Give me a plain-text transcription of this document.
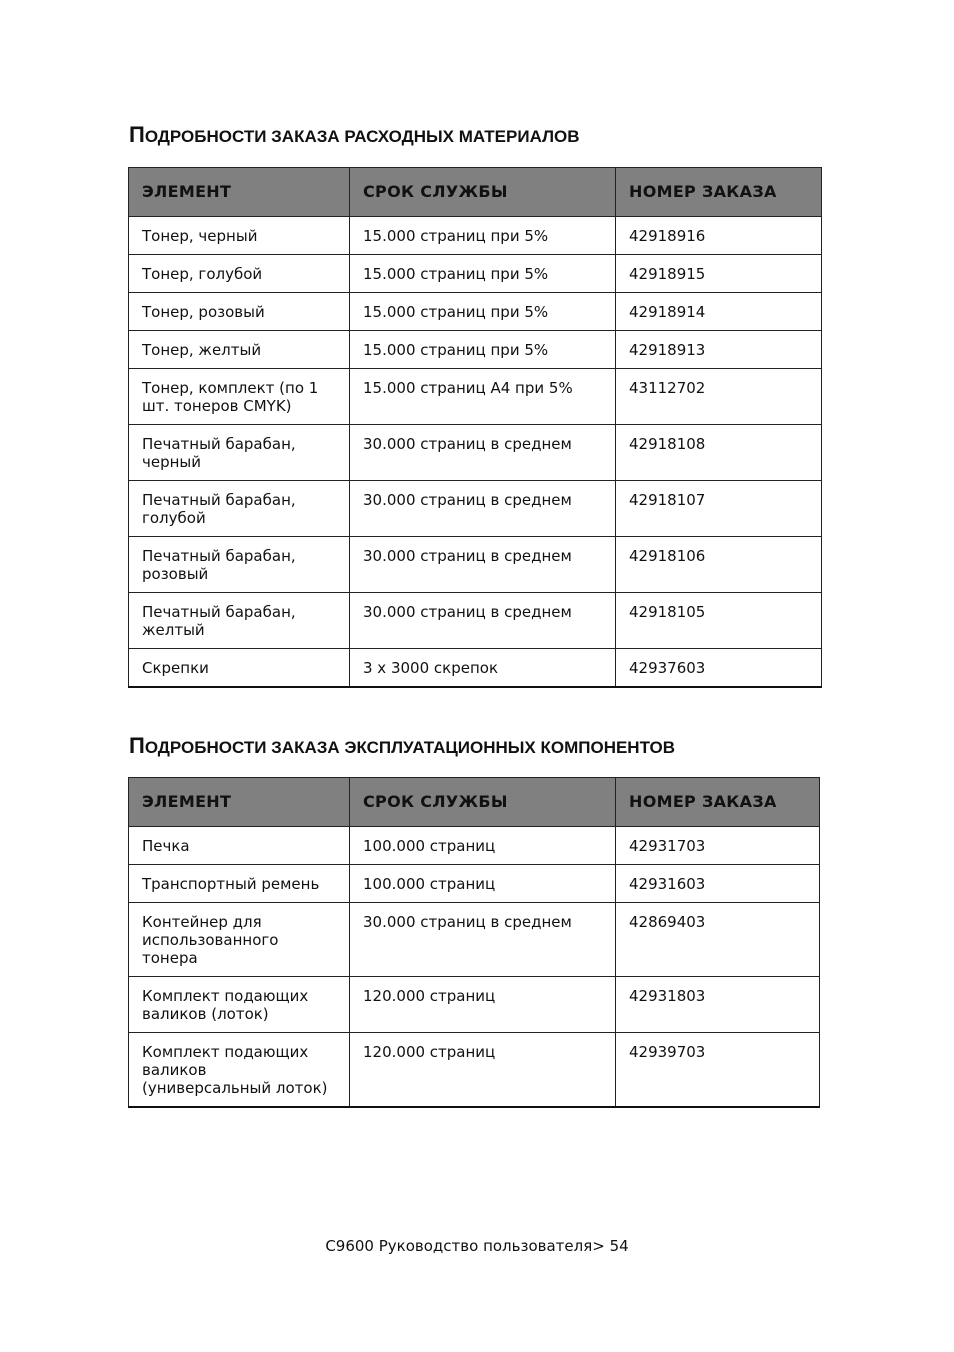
ПОДРОБНОСТИ ЗАКАЗА РАСХОДНЫХ МАТЕРИАЛОВ
ЭЛЕМЕНТ	СРОК СЛУЖБЫ	НОМЕР ЗАКАЗА
Тонер, черный	15.000 страниц при 5%	42918916
Тонер, голубой	15.000 страниц при 5%	42918915
Тонер, розовый	15.000 страниц при 5%	42918914
Тонер, желтый	15.000 страниц при 5%	42918913
Тонер, комплект (по 1 шт. тонеров CMYK)	15.000 страниц А4 при 5%	43112702
Печатный барабан, черный	30.000 страниц в среднем	42918108
Печатный барабан, голубой	30.000 страниц в среднем	42918107
Печатный барабан, розовый	30.000 страниц в среднем	42918106
Печатный барабан, желтый	30.000 страниц в среднем	42918105
Скрепки	3 x 3000 скрепок	42937603
ПОДРОБНОСТИ ЗАКАЗА ЭКСПЛУАТАЦИОННЫХ КОМПОНЕНТОВ
ЭЛЕМЕНТ	СРОК СЛУЖБЫ	НОМЕР ЗАКАЗА
Печка	100.000 страниц	42931703
Транспортный ремень	100.000 страниц	42931603
Контейнер для использованного тонера	30.000 страниц в среднем	42869403
Комплект подающих валиков (лоток)	120.000 страниц	42931803
Комплект подающих валиков (универсальный лоток)	120.000 страниц	42939703
C9600 Руководство пользователя> 54
